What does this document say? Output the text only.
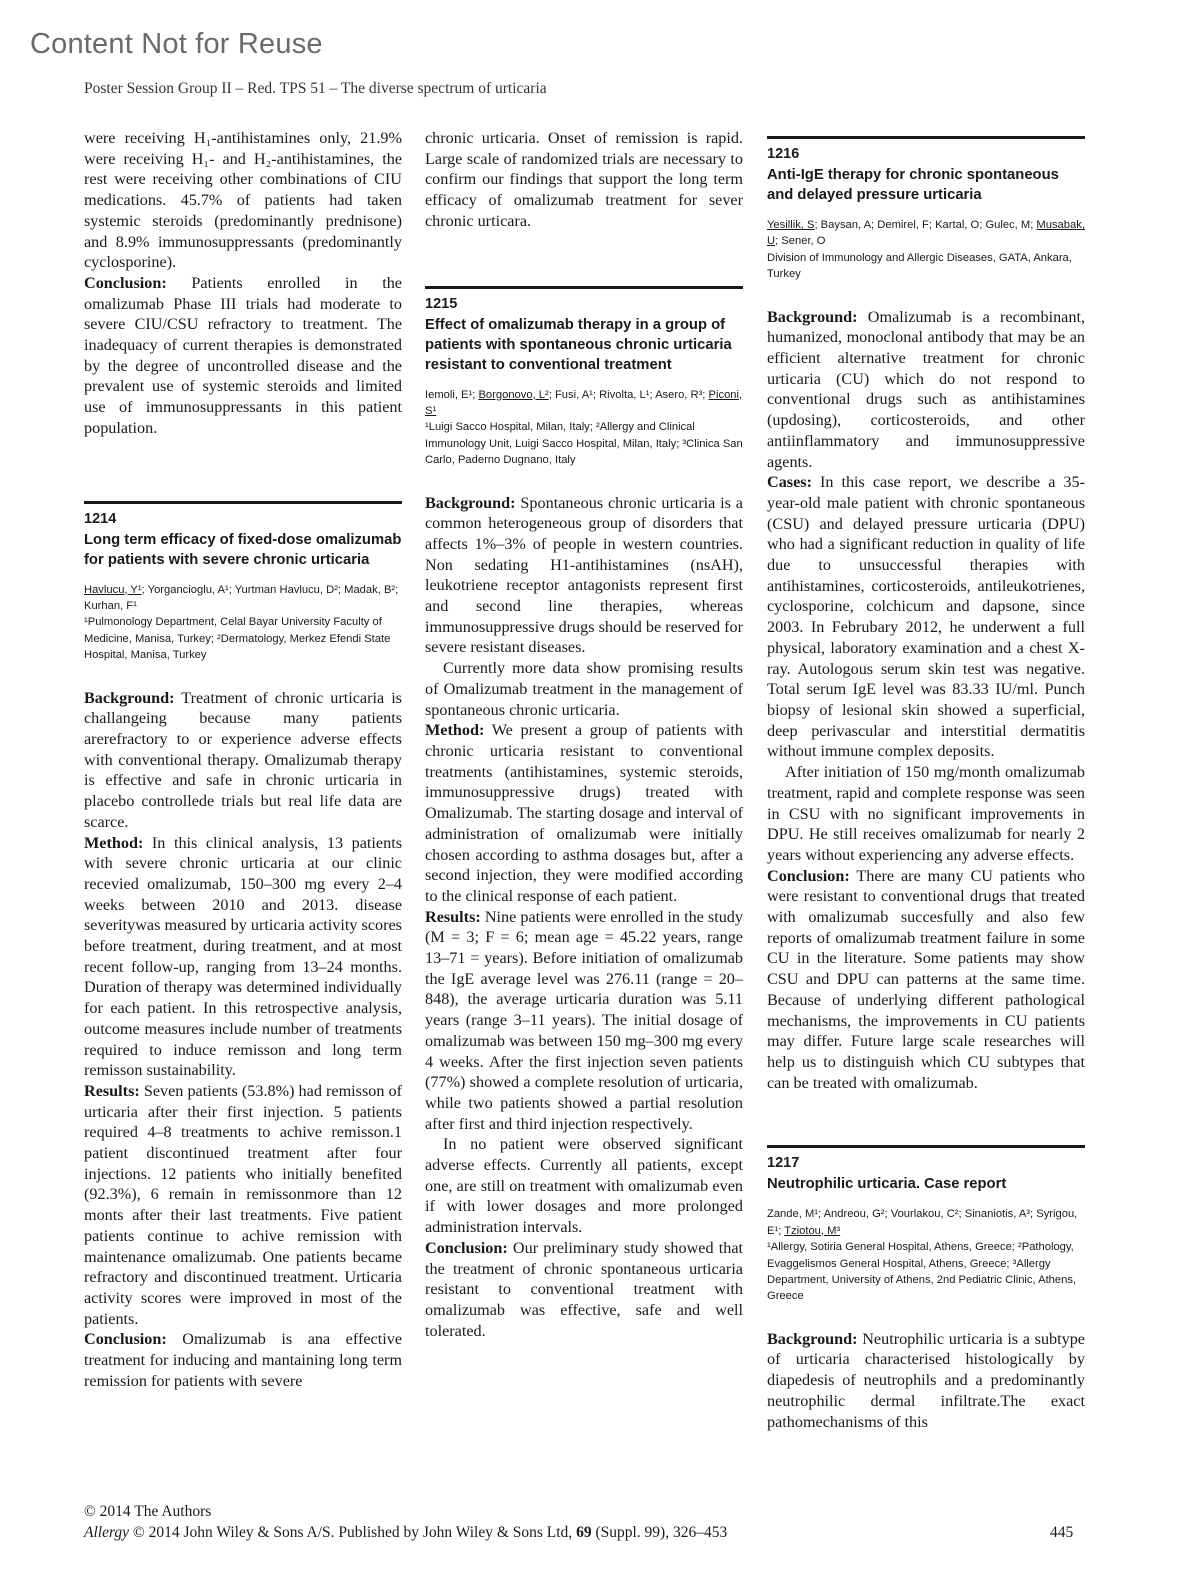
Content Not for Reuse
Poster Session Group II – Red. TPS 51 – The diverse spectrum of urticaria

were receiving H₁-antihistamines only, 21.9% were receiving H₁- and H₂-antihistamines, the rest were receiving other combinations of CIU medications. 45.7% of patients had taken systemic steroids (predominantly prednisone) and 8.9% immunosuppressants (predominantly cyclosporine).

Conclusion: Patients enrolled in the omalizumab Phase III trials had moderate to severe CIU/CSU refractory to treatment. The inadequacy of current therapies is demonstrated by the degree of uncontrolled disease and the prevalent use of systemic steroids and limited use of immunosuppressants in this patient population.

1214
Long term efficacy of fixed-dose omalizumab for patients with severe chronic urticaria
Havlucu, Y¹; Yorgancioglu, A¹; Yurtman Havlucu, D²; Madak, B²; Kurhan, F¹
¹Pulmonology Department, Celal Bayar University Faculty of Medicine, Manisa, Turkey; ²Dermatology, Merkez Efendi State Hospital, Manisa, Turkey

Background: Treatment of chronic urticaria is challangeing because many patients arerefractory to or experience adverse effects with conventional therapy. Omalizumab therapy is effective and safe in chronic urticaria in placebo controllede trials but real life data are scarce.

Method: In this clinical analysis, 13 patients with severe chronic urticaria at our clinic recevied omalizumab, 150–300 mg every 2–4 weeks between 2010 and 2013. disease severitywas measured by urticaria activity scores before treatment, during treatment, and at most recent follow-up, ranging from 13–24 months. Duration of therapy was determined individually for each patient. In this retrospective analysis, outcome measures include number of treatments required to induce remisson and long term remisson sustainability.

Results: Seven patients (53.8%) had remisson of urticaria after their first injection. 5 patients required 4–8 treatments to achive remisson.1 patient discontinued treatment after four injections. 12 patients who initially benefited (92.3%), 6 remain in remissonmore than 12 monts after their last treatments. Five patient patients continue to achive remission with maintenance omalizumab. One patients became refractory and discontinued treatment. Urticaria activity scores were improved in most of the patients.

Conclusion: Omalizumab is ana effective treatment for inducing and mantaining long term remission for patients with severe

chronic urticaria. Onset of remission is rapid. Large scale of randomized trials are necessary to confirm our findings that support the long term efficacy of omalizumab treatment for sever chronic urticara.

1215
Effect of omalizumab therapy in a group of patients with spontaneous chronic urticaria resistant to conventional treatment
Iemoli, E¹; Borgonovo, L²; Fusi, A¹; Rivolta, L¹; Asero, R³; Piconi, S¹
¹Luigi Sacco Hospital, Milan, Italy; ²Allergy and Clinical Immunology Unit, Luigi Sacco Hospital, Milan, Italy; ³Clinica San Carlo, Paderno Dugnano, Italy

Background: Spontaneous chronic urticaria is a common heterogeneous group of disorders that affects 1%–3% of people in western countries. Non sedating H1-antihistamines (nsAH), leukotriene receptor antagonists represent first and second line therapies, whereas immunosuppressive drugs should be reserved for severe resistant diseases.

Currently more data show promising results of Omalizumab treatment in the management of spontaneous chronic urticaria.

Method: We present a group of patients with chronic urticaria resistant to conventional treatments (antihistamines, systemic steroids, immunosuppressive drugs) treated with Omalizumab. The starting dosage and interval of administration of omalizumab were initially chosen according to asthma dosages but, after a second injection, they were modified according to the clinical response of each patient.

Results: Nine patients were enrolled in the study (M = 3; F = 6; mean age = 45.22 years, range 13–71 = years). Before initiation of omalizumab the IgE average level was 276.11 (range = 20–848), the average urticaria duration was 5.11 years (range 3–11 years). The initial dosage of omalizumab was between 150 mg–300 mg every 4 weeks. After the first injection seven patients (77%) showed a complete resolution of urticaria, while two patients showed a partial resolution after first and third injection respectively.

In no patient were observed significant adverse effects. Currently all patients, except one, are still on treatment with omalizumab even if with lower dosages and more prolonged administration intervals.

Conclusion: Our preliminary study showed that the treatment of chronic spontaneous urticaria resistant to conventional treatment with omalizumab was effective, safe and well tolerated.

1216
Anti-IgE therapy for chronic spontaneous and delayed pressure urticaria
Yesillik, S; Baysan, A; Demirel, F; Kartal, O; Gulec, M; Musabak, U; Sener, O
Division of Immunology and Allergic Diseases, GATA, Ankara, Turkey

Background: Omalizumab is a recombinant, humanized, monoclonal antibody that may be an efficient alternative treatment for chronic urticaria (CU) which do not respond to conventional drugs such as antihistamines (updosing), corticosteroids, and other antiinflammatory and immunosuppressive agents.

Cases: In this case report, we describe a 35-year-old male patient with chronic spontaneous (CSU) and delayed pressure urticaria (DPU) who had a significant reduction in quality of life due to unsuccessful therapies with antihistamines, corticosteroids, antileukotrienes, cyclosporine, colchicum and dapsone, since 2003. In Februbary 2012, he underwent a full physical, laboratory examination and a chest X-ray. Autologous serum skin test was negative. Total serum IgE level was 83.33 IU/ml. Punch biopsy of lesional skin showed a superficial, deep perivascular and interstitial dermatitis without immune complex deposits.

After initiation of 150 mg/month omalizumab treatment, rapid and complete response was seen in CSU with no significant improvements in DPU. He still receives omalizumab for nearly 2 years without experiencing any adverse effects.

Conclusion: There are many CU patients who were resistant to conventional drugs that treated with omalizumab succesfully and also few reports of omalizumab treatment failure in some CU in the literature. Some patients may show CSU and DPU can patterns at the same time. Because of underlying different pathological mechanisms, the improvements in CU patients may differ. Future large scale researches will help us to distinguish which CU subtypes that can be treated with omalizumab.

1217
Neutrophilic urticaria. Case report
Zande, M¹; Andreou, G²; Vourlakou, C²; Sinaniotis, A³; Syrigou, E¹; Tziotou, M³
¹Allergy, Sotiria General Hospital, Athens, Greece; ²Pathology, Evaggelismos General Hospital, Athens, Greece; ³Allergy Department, University of Athens, 2nd Pediatric Clinic, Athens, Greece

Background: Neutrophilic urticaria is a subtype of urticaria characterised histologically by diapedesis of neutrophils and a predominantly neutrophilic dermal infiltrate.The exact pathomechanisms of this

© 2014 The Authors
Allergy © 2014 John Wiley & Sons A/S. Published by John Wiley & Sons Ltd, 69 (Suppl. 99), 326–453	445
